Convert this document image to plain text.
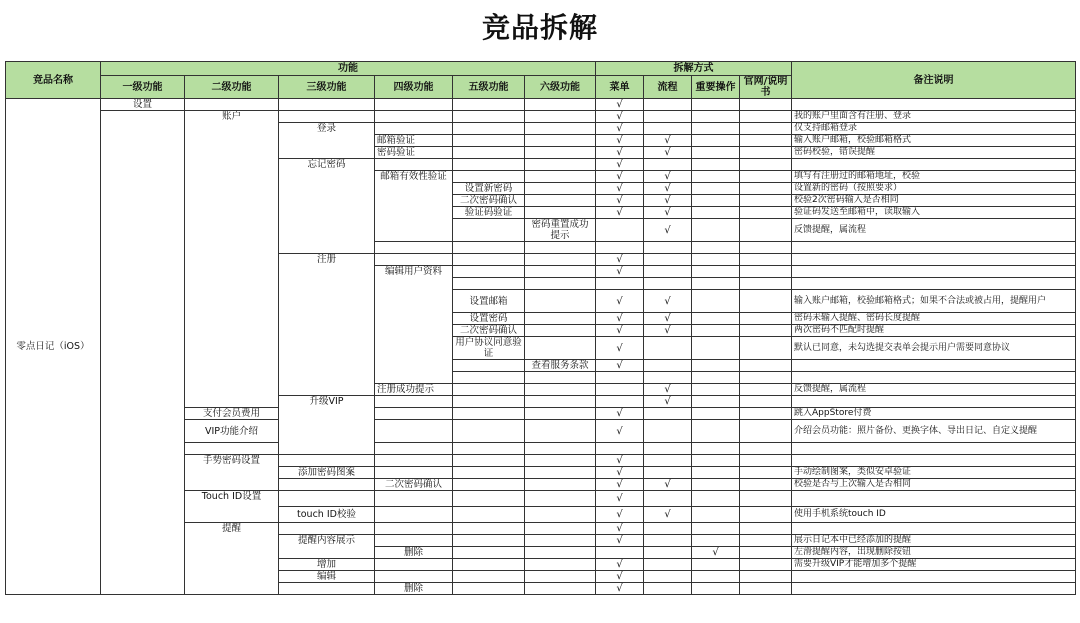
竞品拆解
竞品名称	功能						拆解方式				备注说明	
	一级功能	二级功能	三级功能	四级功能	五级功能	六级功能	菜单	流程	重要操作	官网/说明书		
零点日记（iOS）	设置						√					
		账户					√				我的账户里面含有注册、登录	
			登录				√				仅支持邮箱登录	
				邮箱验证			√	√			输入账户邮箱，校验邮箱格式	
				密码验证			√	√			密码校验，错误提醒	
			忘记密码				√					
				邮箱有效性验证			√	√			填写有注册过的邮箱地址，校验	
					设置新密码		√	√			设置新的密码（按照要求）	
					二次密码确认		√	√			校验2次密码输入是否相同	
					验证码验证		√	√			验证码发送至邮箱中，读取输入	
						密码重置成功提示		√			反馈提醒，属流程	

			注册				√					
				编辑用户资料			√					

					设置邮箱		√	√			输入账户邮箱，校验邮箱格式；如果不合法或被占用，提醒用户	
					设置密码		√	√			密码未输入提醒、密码长度提醒	
					二次密码确认		√	√			两次密码不匹配时提醒	
					用户协议同意验证		√				默认已同意，未勾选提交表单会提示用户需要同意协议	
						查看服务条款	√					

				注册成功提示				√			反馈提醒，属流程	
			升级VIP					√				
		支付会员费用					√				跳入AppStore付费	
		VIP功能介绍					√				介绍会员功能：照片备份、更换字体、导出日记、自定义提醒	

		手势密码设置					√					
			添加密码图案				√				手动绘制图案，类似安卓验证	
				二次密码确认			√	√			校验是否与上次输入是否相同	
		Touch ID设置					√					
			touch ID校验				√	√			使用手机系统touch ID	
		提醒					√					
			提醒内容展示				√				展示日记本中已经添加的提醒	
				删除					√		左滑提醒内容，出现删除按钮	
			增加				√				需要升级VIP才能增加多个提醒	
			编辑				√					
				删除			√					
